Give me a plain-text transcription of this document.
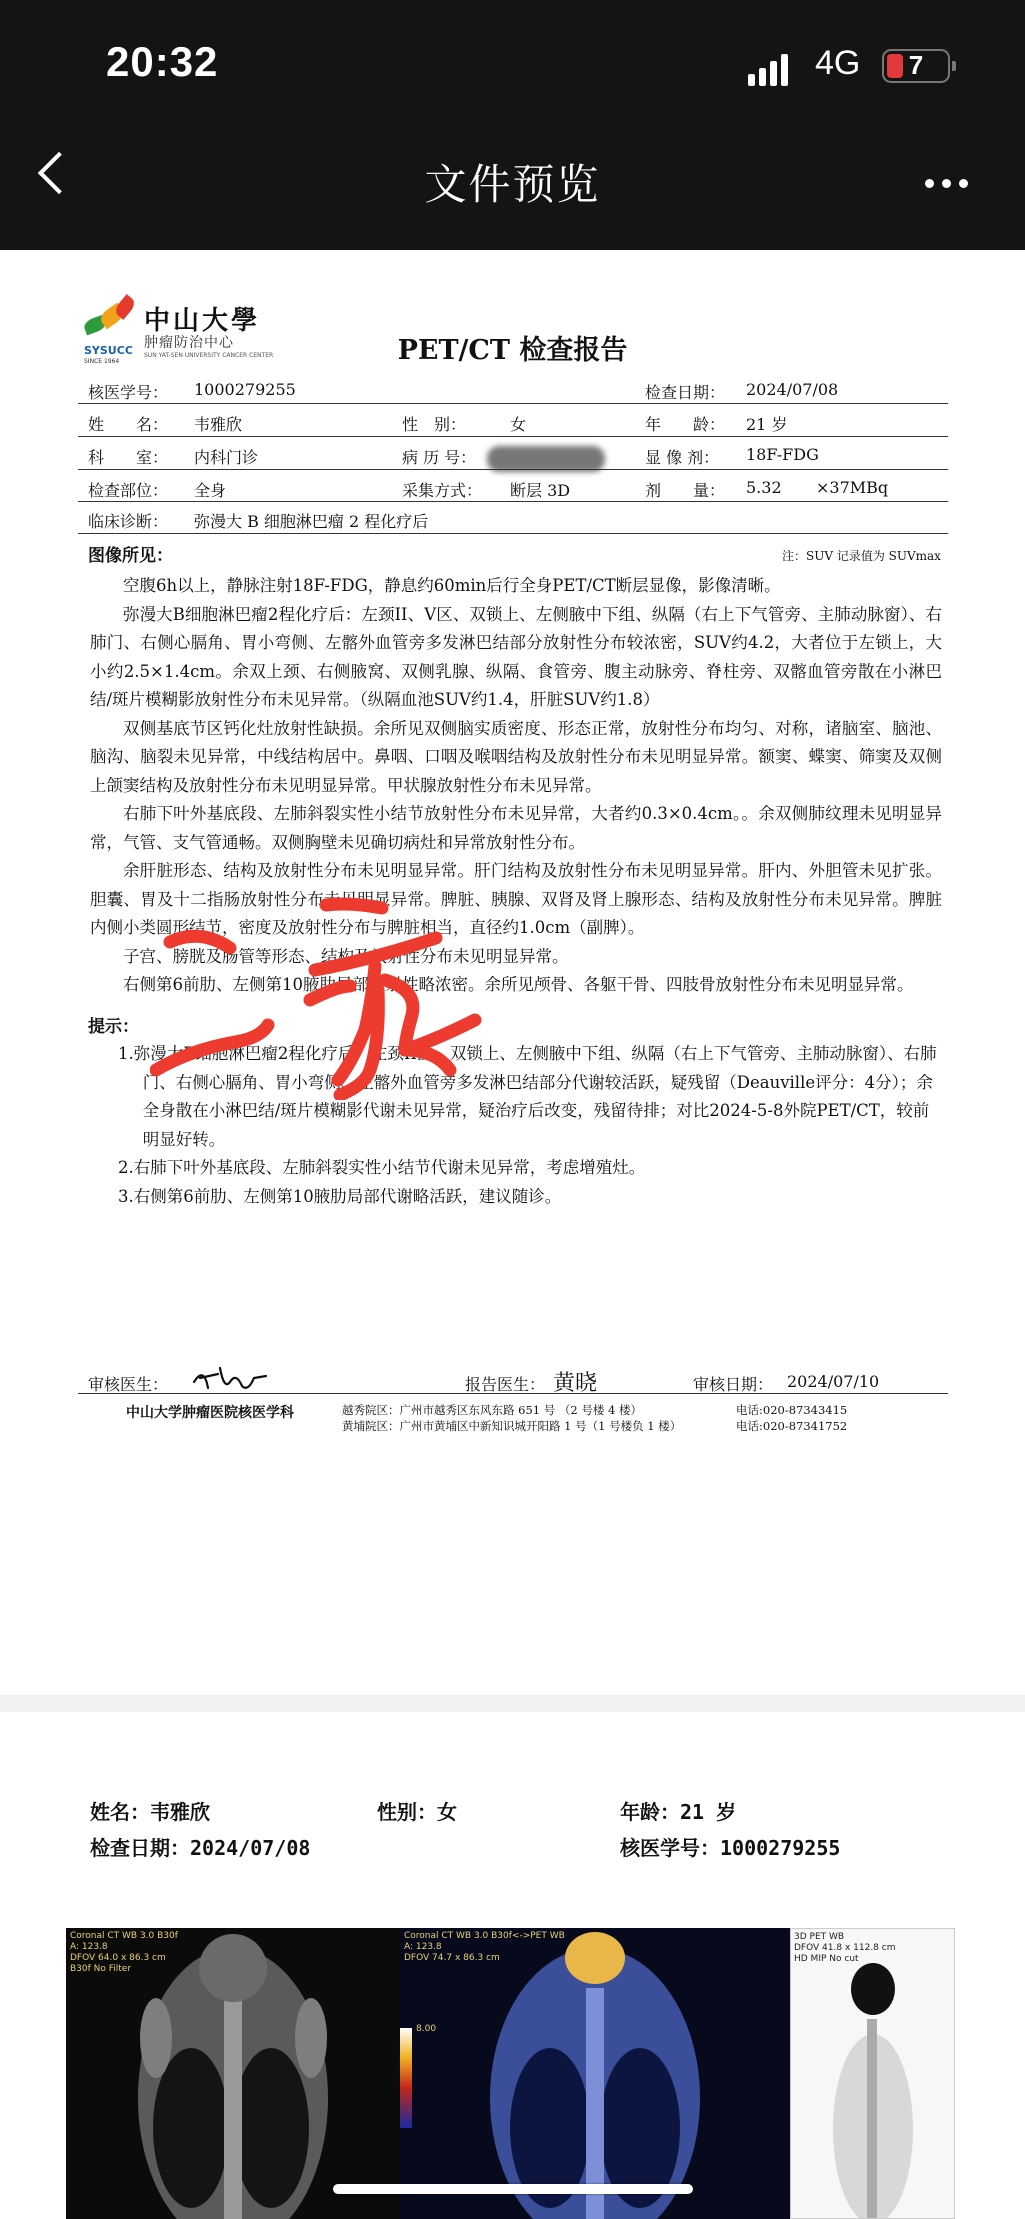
20:32	4G	7
文件预览
SYSUCC
SINCE 1964
中山大學
肿瘤防治中心
SUN YAT-SEN UNIVERSITY CANCER CENTER	PET/CT 检查报告
核医学号： 1000279255	检查日期： 2024/07/08
姓　　名： 韦雅欣	性　别：	女	年　　龄： 21 岁
科　　室： 内科门诊	病 历 号：	显 像 剂： 18F-FDG
检查部位： 全身	采集方式： 断层 3D	剂　　量： 5.32 ×37MBq
临床诊断： 弥漫大 B 细胞淋巴瘤 2 程化疗后
图像所见：	注：SUV 记录值为 SUVmax

空腹6h以上，静脉注射18F-FDG，静息约60min后行全身PET/CT断层显像，影像清晰。

弥漫大B细胞淋巴瘤2程化疗后：左颈II、V区、双锁上、左侧腋中下组、纵隔（右上下气管旁、主肺动脉窗）、右肺门、右侧心膈角、胃小弯侧、左髂外血管旁多发淋巴结部分放射性分布较浓密，SUV约4.2，大者位于左锁上，大小约2.5×1.4cm。余双上颈、右侧腋窝、双侧乳腺、纵隔、食管旁、腹主动脉旁、脊柱旁、双髂血管旁散在小淋巴结/斑片模糊影放射性分布未见异常。（纵隔血池SUV约1.4，肝脏SUV约1.8）

双侧基底节区钙化灶放射性缺损。余所见双侧脑实质密度、形态正常，放射性分布均匀、对称，诸脑室、脑池、脑沟、脑裂未见异常，中线结构居中。鼻咽、口咽及喉咽结构及放射性分布未见明显异常。额窦、蝶窦、筛窦及双侧上颌窦结构及放射性分布未见明显异常。甲状腺放射性分布未见异常。

右肺下叶外基底段、左肺斜裂实性小结节放射性分布未见异常，大者约0.3×0.4cm。。余双侧肺纹理未见明显异常，气管、支气管通畅。双侧胸壁未见确切病灶和异常放射性分布。

余肝脏形态、结构及放射性分布未见明显异常。肝门结构及放射性分布未见明显异常。肝内、外胆管未见扩张。胆囊、胃及十二指肠放射性分布未见明显异常。脾脏、胰腺、双肾及肾上腺形态、结构及放射性分布未见异常。脾脏内侧小类圆形结节，密度及放射性分布与脾脏相当，直径约1.0cm（副脾）。

子宫、膀胱及肠管等形态、结构及放射性分布未见明显异常。

右侧第6前肋、左侧第10腋肋局部放射性略浓密。余所见颅骨、各躯干骨、四肢骨放射性分布未见明显异常。

提示：

1.弥漫大B细胞淋巴瘤2程化疗后，左颈II区、双锁上、左侧腋中下组、纵隔（右上下气管旁、主肺动脉窗）、右肺门、右侧心膈角、胃小弯侧、左髂外血管旁多发淋巴结部分代谢较活跃，疑残留（Deauville评分：4分）；余全身散在小淋巴结/斑片模糊影代谢未见异常，疑治疗后改变，残留待排；对比2024-5-8外院PET/CT，较前明显好转。

2.右肺下叶外基底段、左肺斜裂实性小结节代谢未见异常，考虑增殖灶。

3.右侧第6前肋、左侧第10腋肋局部代谢略活跃，建议随诊。

审核医生：	报告医生： 黄晓	审核日期： 2024/07/10
中山大学肿瘤医院核医学科	越秀院区：广州市越秀区东风东路 651 号 （2 号楼 4 楼）
黄埔院区：广州市黄埔区中新知识城开阳路 1 号（1 号楼负 1 楼）
电话:020-87343415
电话:020-87341752
姓名：韦雅欣	性别：女	年龄：21 岁
检查日期：2024/07/08	核医学号：1000279255
Coronal CT WB 3.0 B30f
A: 123.8
DFOV 64.0 x 86.3 cm
B30f No Filter
Coronal CT WB 3.0 B30f<->PET WB
A: 123.8
DFOV 74.7 x 86.3 cm
8.00
3D PET WB
DFOV 41.8 x 112.8 cm
HD MIP No cut
